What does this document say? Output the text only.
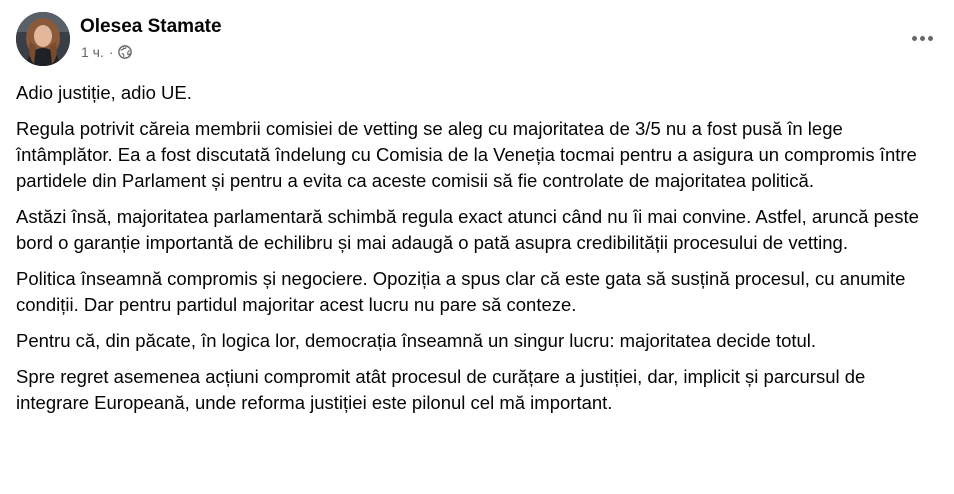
Olesea Stamate
1 ч. ·

Adio justiție, adio UE.

Regula potrivit căreia membrii comisiei de vetting se aleg cu majoritatea de 3/5 nu a fost pusă în lege întâmplător. Ea a fost discutată îndelung cu Comisia de la Veneția tocmai pentru a asigura un compromis între partidele din Parlament și pentru a evita ca aceste comisii să fie controlate de majoritatea politică.

Astăzi însă, majoritatea parlamentară schimbă regula exact atunci când nu îi mai convine. Astfel, aruncă peste bord o garanție importantă de echilibru și mai adaugă o pată asupra credibilității procesului de vetting.

Politica înseamnă compromis și negociere. Opoziția a spus clar că este gata să susțină procesul, cu anumite condiții. Dar pentru partidul majoritar acest lucru nu pare să conteze.

Pentru că, din păcate, în logica lor, democrația înseamnă un singur lucru: majoritatea decide totul.

Spre regret asemenea acțiuni compromit atât procesul de curățare a justiției, dar, implicit și parcursul de integrare Europeană, unde reforma justiției este pilonul cel mă important.
